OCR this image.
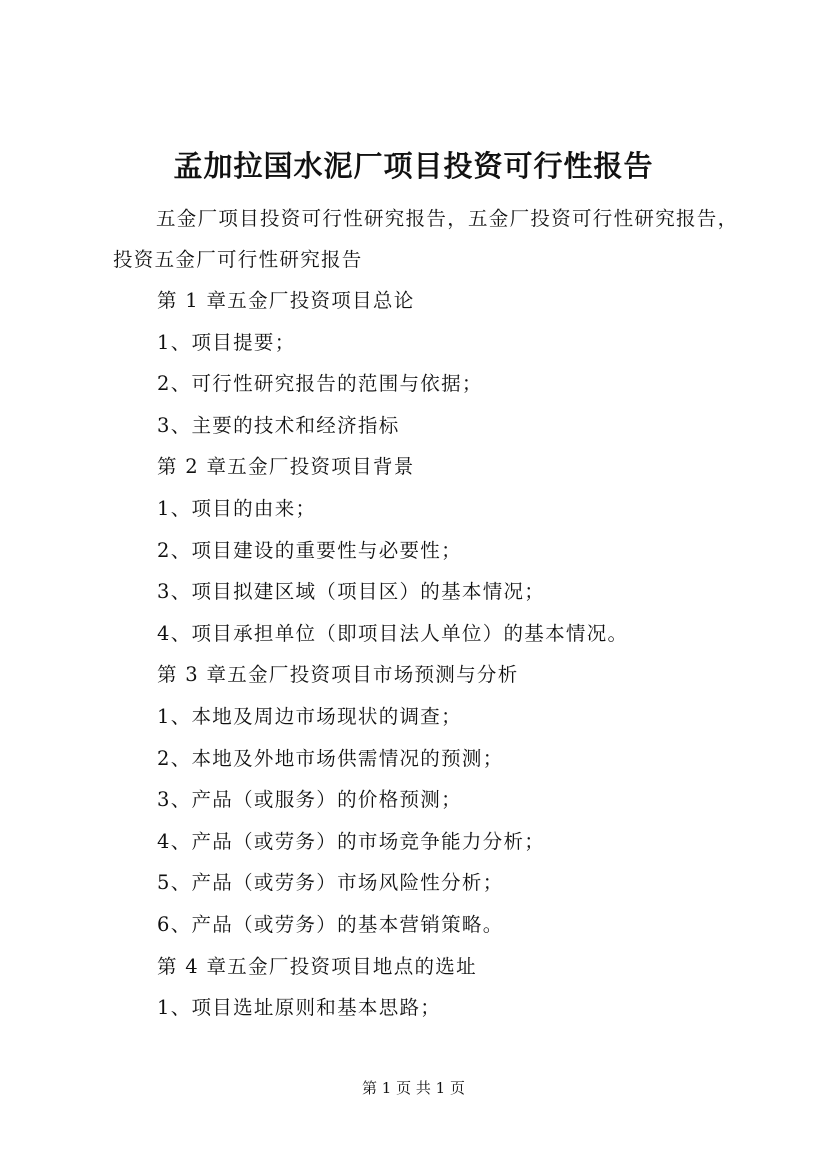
孟加拉国水泥厂项目投资可行性报告
五金厂项目投资可行性研究报告，五金厂投资可行性研究报告，投资五金厂可行性研究报告
第 1 章五金厂投资项目总论
1、项目提要；
2、可行性研究报告的范围与依据；
3、主要的技术和经济指标
第 2 章五金厂投资项目背景
1、项目的由来；
2、项目建设的重要性与必要性；
3、项目拟建区域（项目区）的基本情况；
4、项目承担单位（即项目法人单位）的基本情况。
第 3 章五金厂投资项目市场预测与分析
1、本地及周边市场现状的调查；
2、本地及外地市场供需情况的预测；
3、产品（或服务）的价格预测；
4、产品（或劳务）的市场竞争能力分析；
5、产品（或劳务）市场风险性分析；
6、产品（或劳务）的基本营销策略。
第 4 章五金厂投资项目地点的选址
1、项目选址原则和基本思路；
第 1 页 共 1 页
